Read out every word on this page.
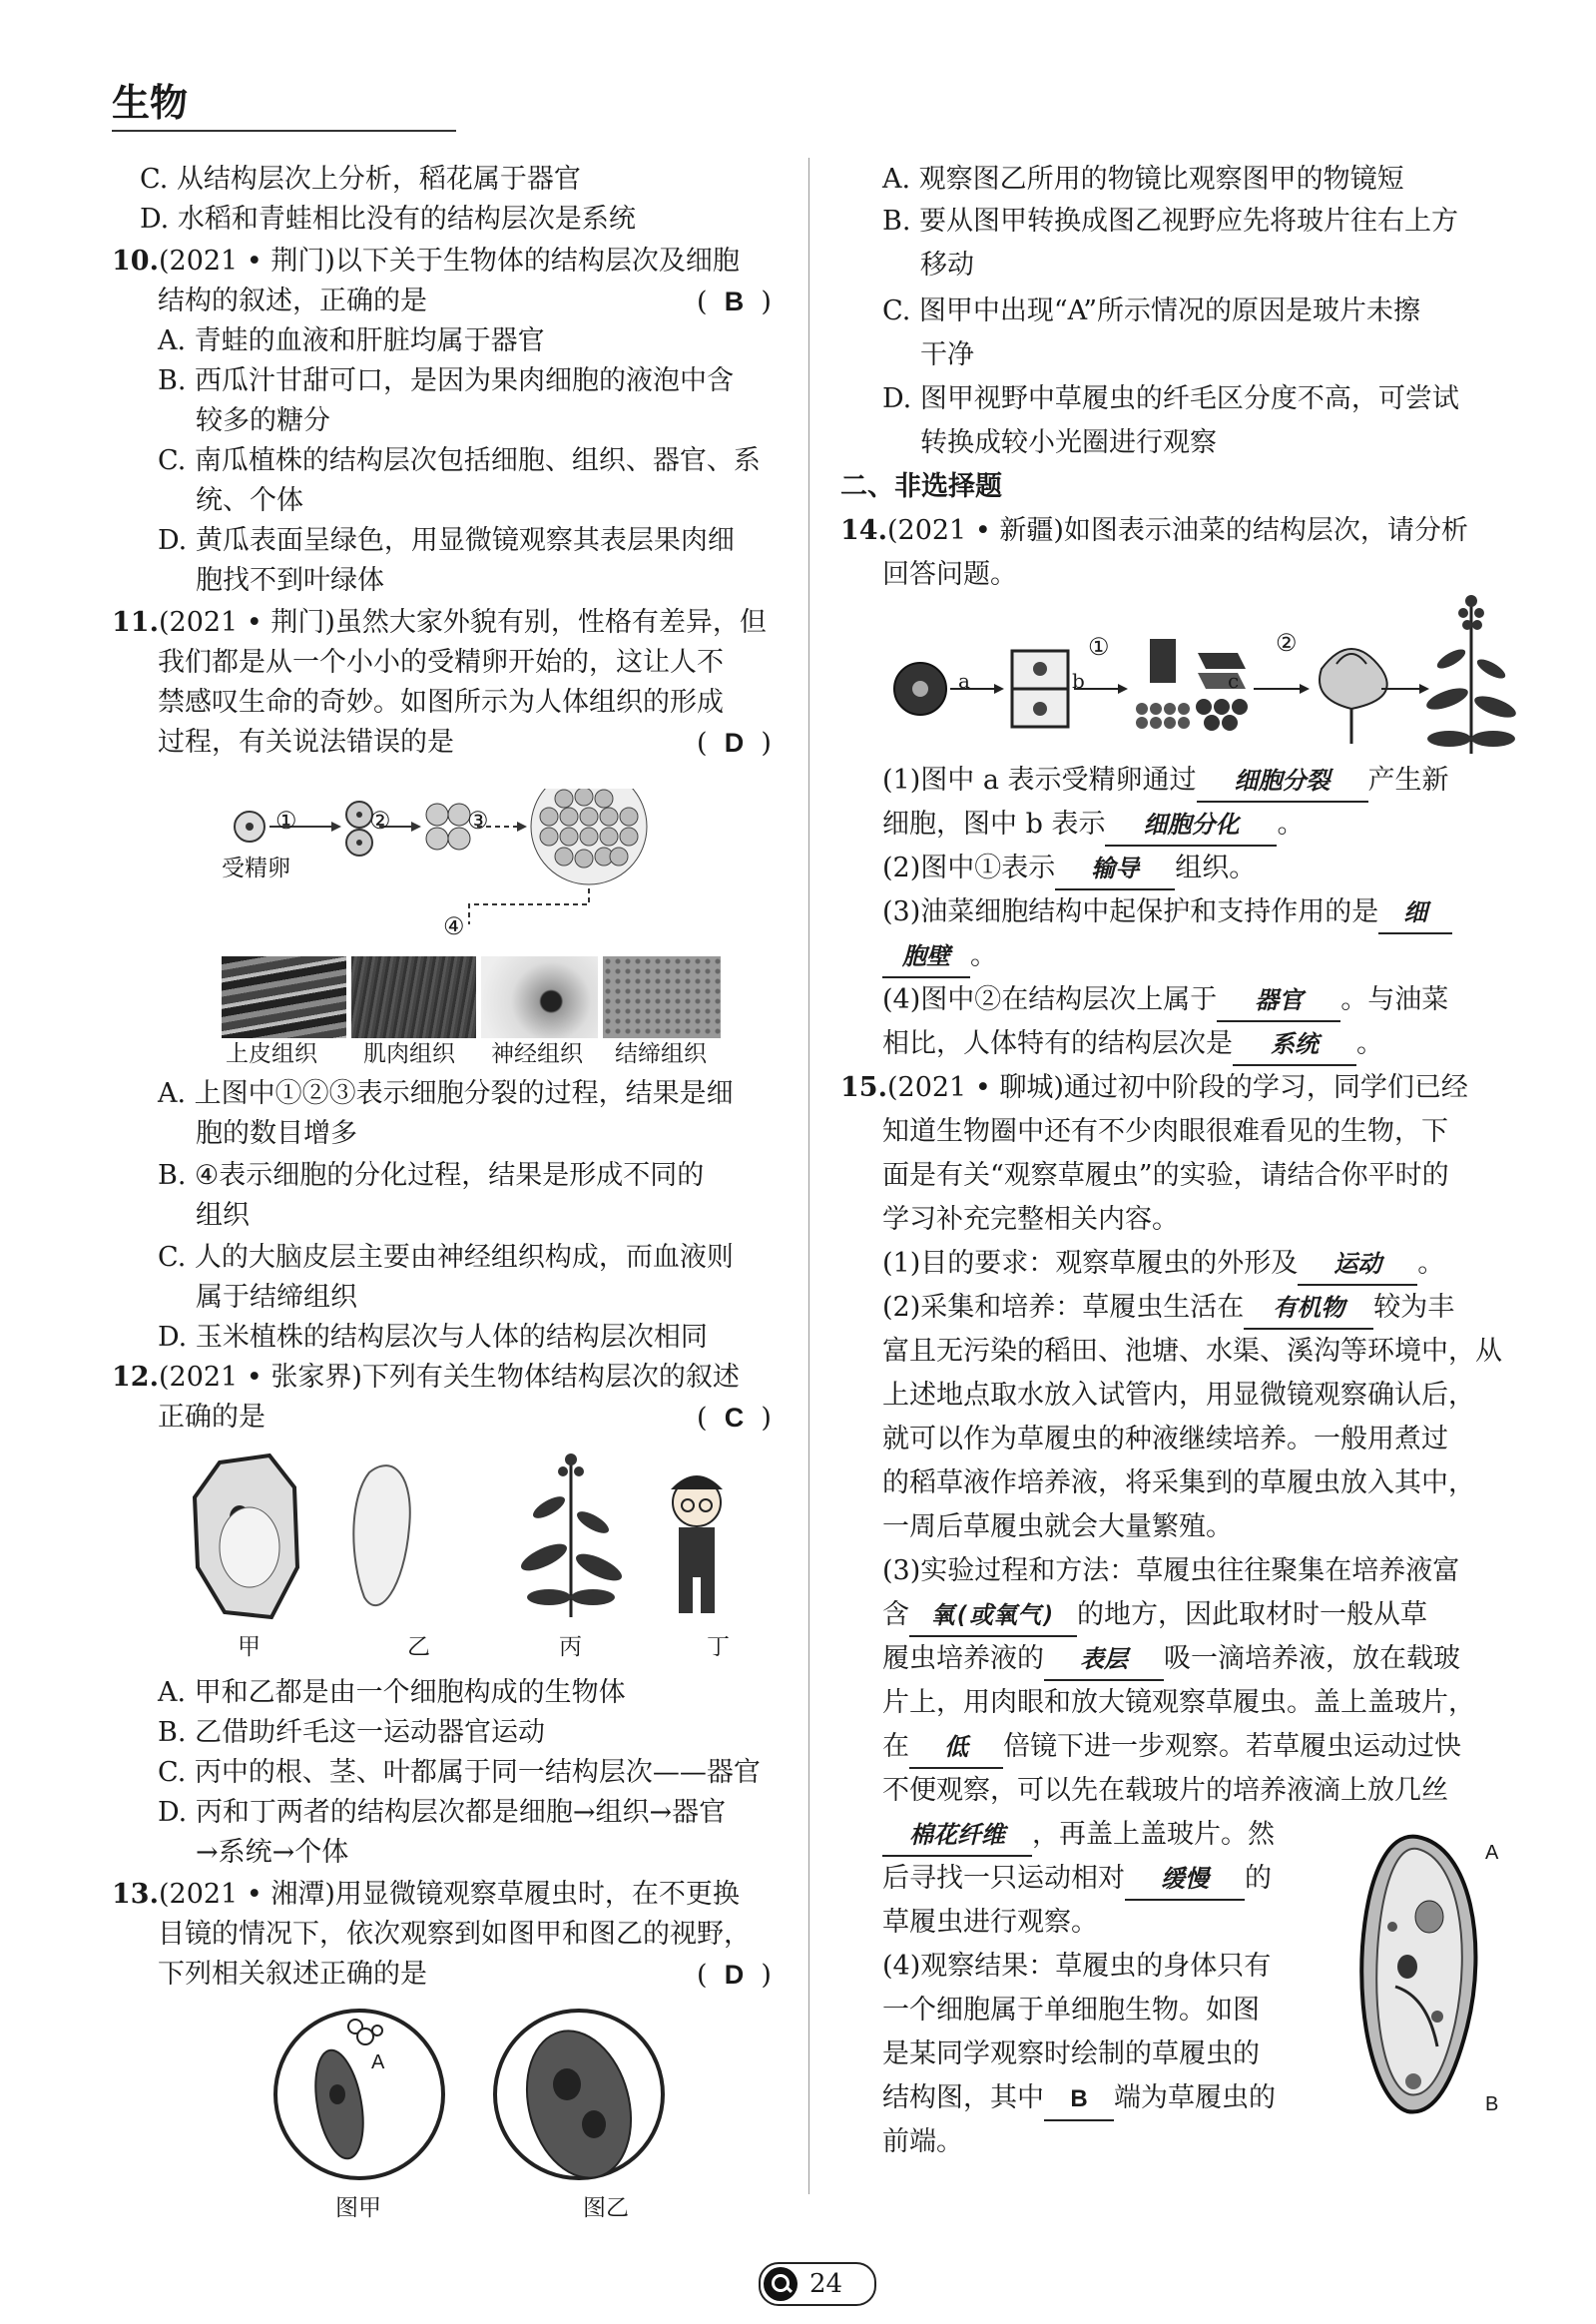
生物
C. 从结构层次上分析，稻花属于器官
D. 水稻和青蛙相比没有的结构层次是系统
10.(2021 • 荆门)以下关于生物体的结构层次及细胞
结构的叙述，正确的是	(  B  )
A. 青蛙的血液和肝脏均属于器官
B. 西瓜汁甘甜可口，是因为果肉细胞的液泡中含
较多的糖分
C. 南瓜植株的结构层次包括细胞、组织、器官、系
统、个体
D. 黄瓜表面呈绿色，用显微镜观察其表层果肉细
胞找不到叶绿体
11.(2021 • 荆门)虽然大家外貌有别，性格有差异，但
我们都是从一个小小的受精卵开始的，这让人不
禁感叹生命的奇妙。如图所示为人体组织的形成
过程，有关说法错误的是	(  D  )
①	②	③
受精卵
④
上皮组织 肌肉组织 神经组织 结缔组织
A. 上图中①②③表示细胞分裂的过程，结果是细
胞的数目增多
B. ④表示细胞的分化过程，结果是形成不同的
组织
C. 人的大脑皮层主要由神经组织构成，而血液则
属于结缔组织
D. 玉米植株的结构层次与人体的结构层次相同
12.(2021 • 张家界)下列有关生物体结构层次的叙述
正确的是	(  C  )
甲	乙	丙	丁
A. 甲和乙都是由一个细胞构成的生物体
B. 乙借助纤毛这一运动器官运动
C. 丙中的根、茎、叶都属于同一结构层次——器官
D. 丙和丁两者的结构层次都是细胞→组织→器官
→系统→个体
13.(2021 • 湘潭)用显微镜观察草履虫时，在不更换
目镜的情况下，依次观察到如图甲和图乙的视野，
下列相关叙述正确的是	(  D  )
A
图甲	图乙
A. 观察图乙所用的物镜比观察图甲的物镜短
B. 要从图甲转换成图乙视野应先将玻片往右上方
移动
C. 图甲中出现“A”所示情况的原因是玻片未擦
干净
D. 图甲视野中草履虫的纤毛区分度不高，可尝试
转换成较小光圈进行观察
二、非选择题
14.(2021 • 新疆)如图表示油菜的结构层次，请分析
回答问题。
a	b	c
①	②
(1)图中 a 表示受精卵通过 细胞分裂 产生新
细胞，图中 b 表示 细胞分化 。
(2)图中①表示 输导 组织。
(3)油菜细胞结构中起保护和支持作用的是 细
胞壁 。
(4)图中②在结构层次上属于 器官 。与油菜
相比，人体特有的结构层次是 系统 。
15.(2021 • 聊城)通过初中阶段的学习，同学们已经
知道生物圈中还有不少肉眼很难看见的生物，下
面是有关“观察草履虫”的实验，请结合你平时的
学习补充完整相关内容。
(1)目的要求：观察草履虫的外形及 运动 。
(2)采集和培养：草履虫生活在 有机物 较为丰
富且无污染的稻田、池塘、水渠、溪沟等环境中，从
上述地点取水放入试管内，用显微镜观察确认后，
就可以作为草履虫的种液继续培养。一般用煮过
的稻草液作培养液，将采集到的草履虫放入其中，
一周后草履虫就会大量繁殖。
(3)实验过程和方法：草履虫往往聚集在培养液富
含 氧(或氧气) 的地方，因此取材时一般从草
履虫培养液的 表层 吸一滴培养液，放在载玻
片上，用肉眼和放大镜观察草履虫。盖上盖玻片，
在 低 倍镜下进一步观察。若草履虫运动过快
不便观察，可以先在载玻片的培养液滴上放几丝
棉花纤维 ，再盖上盖玻片。然
后寻找一只运动相对 缓慢 的
草履虫进行观察。
(4)观察结果：草履虫的身体只有
一个细胞属于单细胞生物。如图
是某同学观察时绘制的草履虫的
结构图，其中 B 端为草履虫的
前端。
A
B
24
